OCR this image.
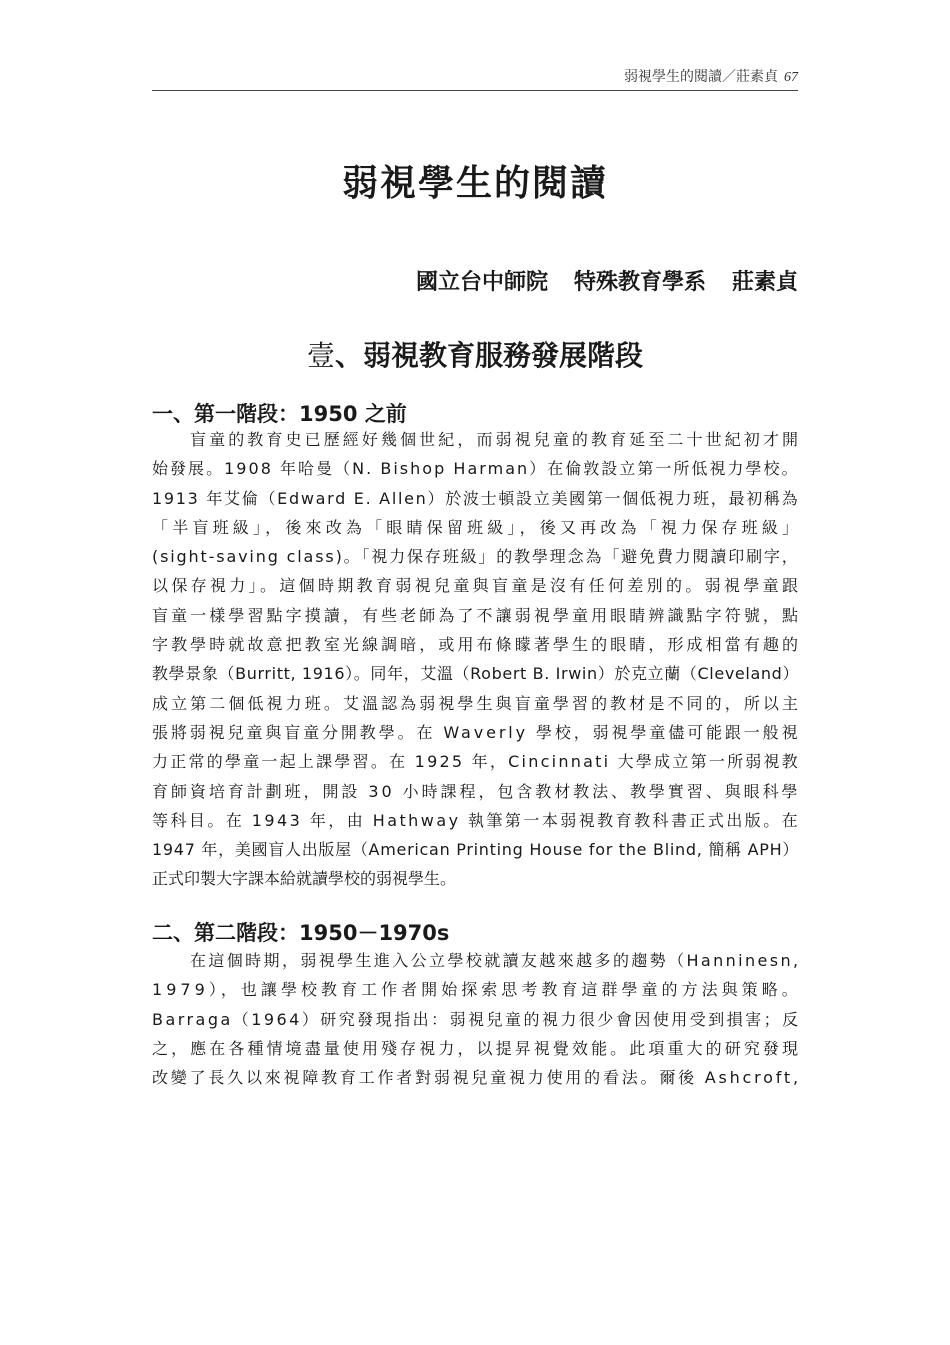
弱視學生的閱讀／莊素貞 67
弱視學生的閱讀
國立台中師院 特殊教育學系 莊素貞
壹、弱視教育服務發展階段
一、第一階段：1950 之前
盲童的教育史已歷經好幾個世紀，而弱視兒童的教育延至二十世紀初才開
始發展。1908 年哈曼（N. Bishop Harman）在倫敦設立第一所低視力學校。
1913 年艾倫（Edward E. Allen）於波士頓設立美國第一個低視力班，最初稱為
「半盲班級」，後來改為「眼睛保留班級」，後又再改為「視力保存班級」
(sight-saving class)。「視力保存班級」的教學理念為「避免費力閱讀印刷字，
以保存視力」。這個時期教育弱視兒童與盲童是沒有任何差別的。弱視學童跟
盲童一樣學習點字摸讀，有些老師為了不讓弱視學童用眼睛辨識點字符號，點
字教學時就故意把教室光線調暗，或用布條矇著學生的眼睛，形成相當有趣的
教學景象（Burritt, 1916）。同年，艾溫（Robert B. Irwin）於克立蘭（Cleveland）
成立第二個低視力班。艾溫認為弱視學生與盲童學習的教材是不同的，所以主
張將弱視兒童與盲童分開教學。在 Waverly 學校，弱視學童儘可能跟一般視
力正常的學童一起上課學習。在 1925 年，Cincinnati 大學成立第一所弱視教
育師資培育計劃班，開設 30 小時課程，包含教材教法、教學實習、與眼科學
等科目。在 1943 年，由 Hathway 執筆第一本弱視教育教科書正式出版。在
1947 年，美國盲人出版屋（American Printing House for the Blind, 簡稱 APH）
正式印製大字課本給就讀學校的弱視學生。
二、第二階段：1950－1970s
在這個時期，弱視學生進入公立學校就讀友越來越多的趨勢（Hanninesn,
1979），也讓學校教育工作者開始探索思考教育這群學童的方法與策略。
Barraga（1964）研究發現指出：弱視兒童的視力很少會因使用受到損害；反
之，應在各種情境盡量使用殘存視力，以提昇視覺效能。此項重大的研究發現
改變了長久以來視障教育工作者對弱視兒童視力使用的看法。爾後 Ashcroft,
